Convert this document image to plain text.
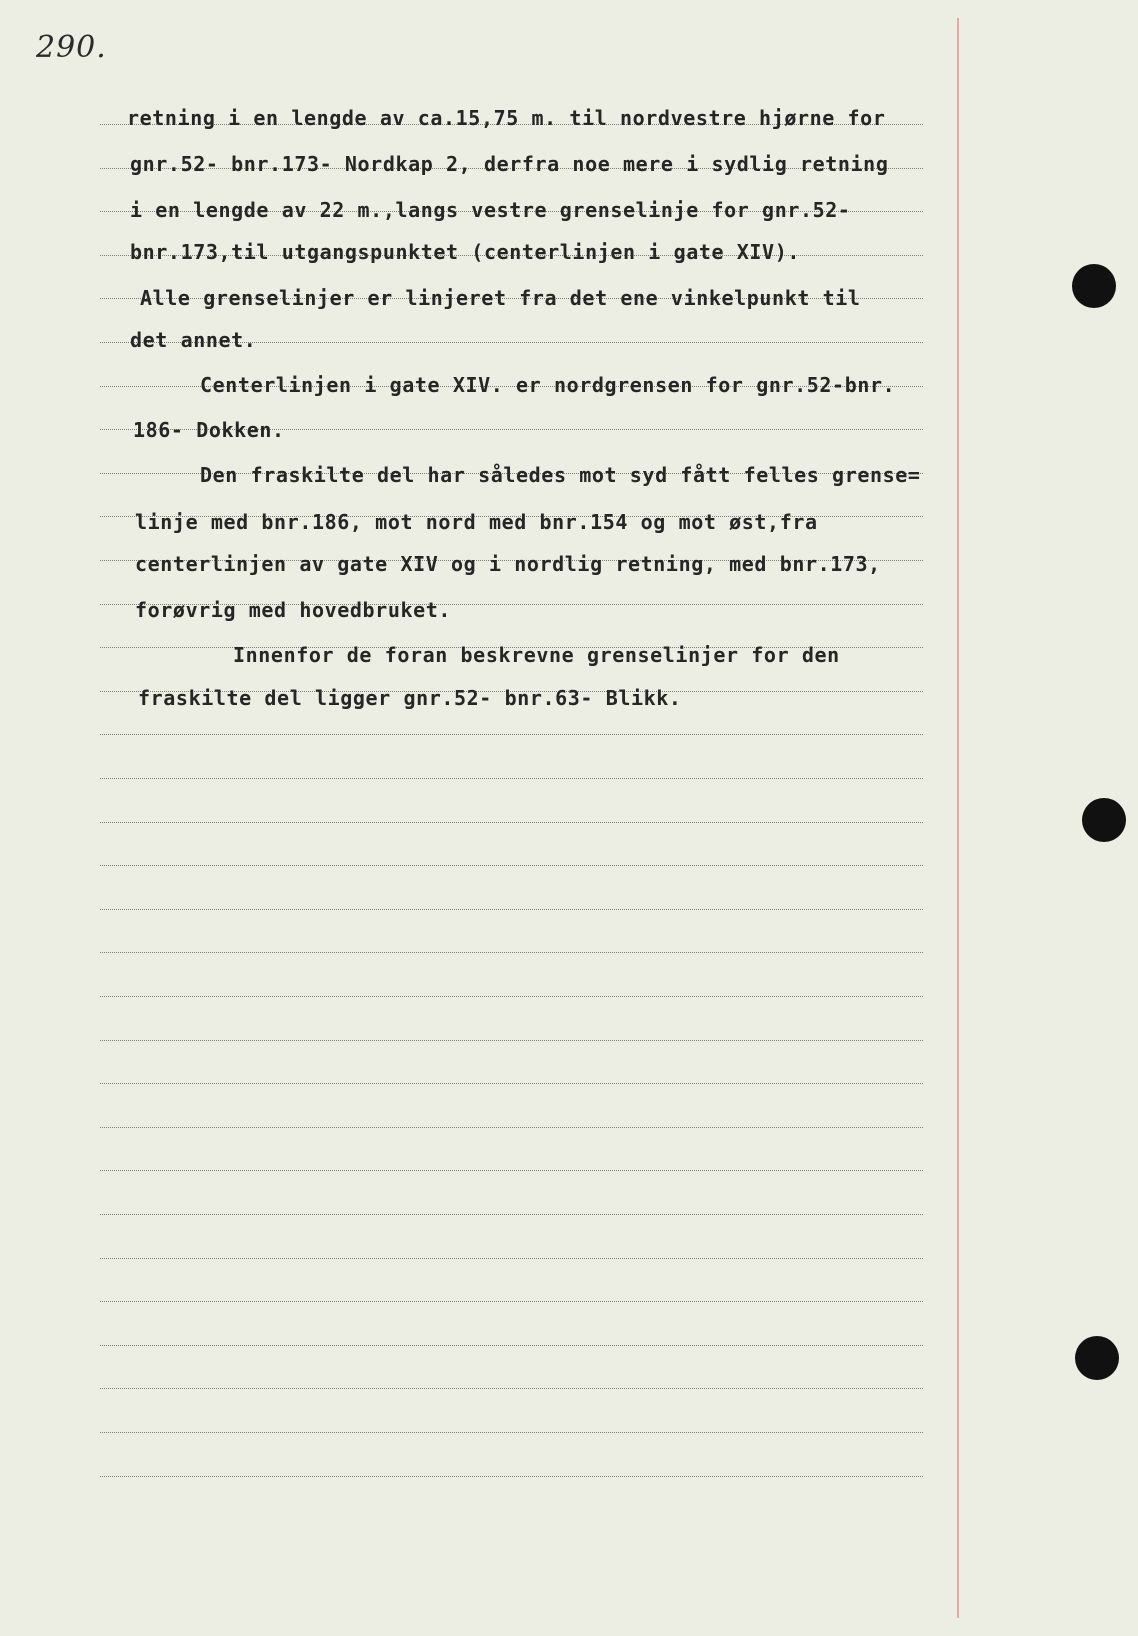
290.
retning i en lengde av ca.15,75 m. til nordvestre hjørne for
gnr.52- bnr.173- Nordkap 2, derfra noe mere i sydlig retning
i en lengde av 22 m.,langs vestre grenselinje for gnr.52-
bnr.173,til utgangspunktet (centerlinjen i gate XIV).
Alle grenselinjer er linjeret fra det ene vinkelpunkt til
det annet.
Centerlinjen i gate XIV. er nordgrensen for gnr.52-bnr.
186- Dokken.
Den fraskilte del har således mot syd fått felles grense=
linje med bnr.186, mot nord med bnr.154 og mot øst,fra
centerlinjen av gate XIV og i nordlig retning, med bnr.173,
forøvrig med hovedbruket.
Innenfor de foran beskrevne grenselinjer for den
fraskilte del ligger gnr.52- bnr.63- Blikk.
